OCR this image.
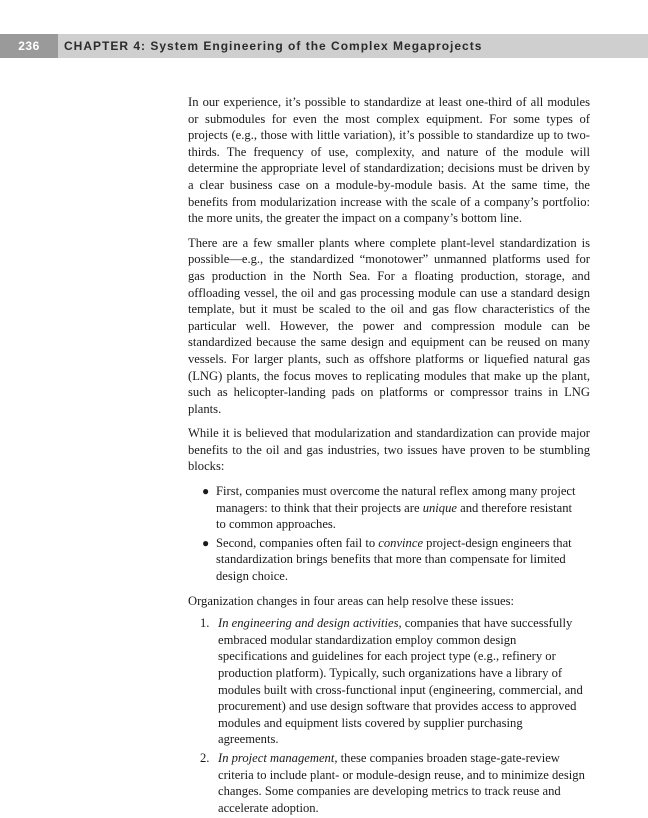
236 CHAPTER 4: System Engineering of the Complex Megaprojects

In our experience, it’s possible to standardize at least one-third of all modules or submodules for even the most complex equipment. For some types of projects (e.g., those with little variation), it’s possible to standardize up to two-thirds. The frequency of use, complexity, and nature of the module will determine the appropriate level of standardization; decisions must be driven by a clear business case on a module-by-module basis. At the same time, the benefits from modularization increase with the scale of a company’s portfolio: the more units, the greater the impact on a company’s bottom line.

There are a few smaller plants where complete plant-level standardization is possible—e.g., the standardized “monotower” unmanned platforms used for gas production in the North Sea. For a floating production, storage, and offloading vessel, the oil and gas processing module can use a standard design template, but it must be scaled to the oil and gas flow characteristics of the particular well. However, the power and compression module can be standardized because the same design and equipment can be reused on many vessels. For larger plants, such as offshore platforms or liquefied natural gas (LNG) plants, the focus moves to replicating modules that make up the plant, such as helicopter-landing pads on platforms or compressor trains in LNG plants.

While it is believed that modularization and standardization can provide major benefits to the oil and gas industries, two issues have proven to be stumbling blocks:

● First, companies must overcome the natural reflex among many project managers: to think that their projects are unique and therefore resistant to common approaches.
● Second, companies often fail to convince project-design engineers that standardization brings benefits that more than compensate for limited design choice.

Organization changes in four areas can help resolve these issues:

1. In engineering and design activities, companies that have successfully embraced modular standardization employ common design specifications and guidelines for each project type (e.g., refinery or production platform). Typically, such organizations have a library of modules built with cross-functional input (engineering, commercial, and procurement) and use design software that provides access to approved modules and equipment lists covered by supplier purchasing agreements.
2. In project management, these companies broaden stage-gate-review criteria to include plant- or module-design reuse, and to minimize design changes. Some companies are developing metrics to track reuse and accelerate adoption.
